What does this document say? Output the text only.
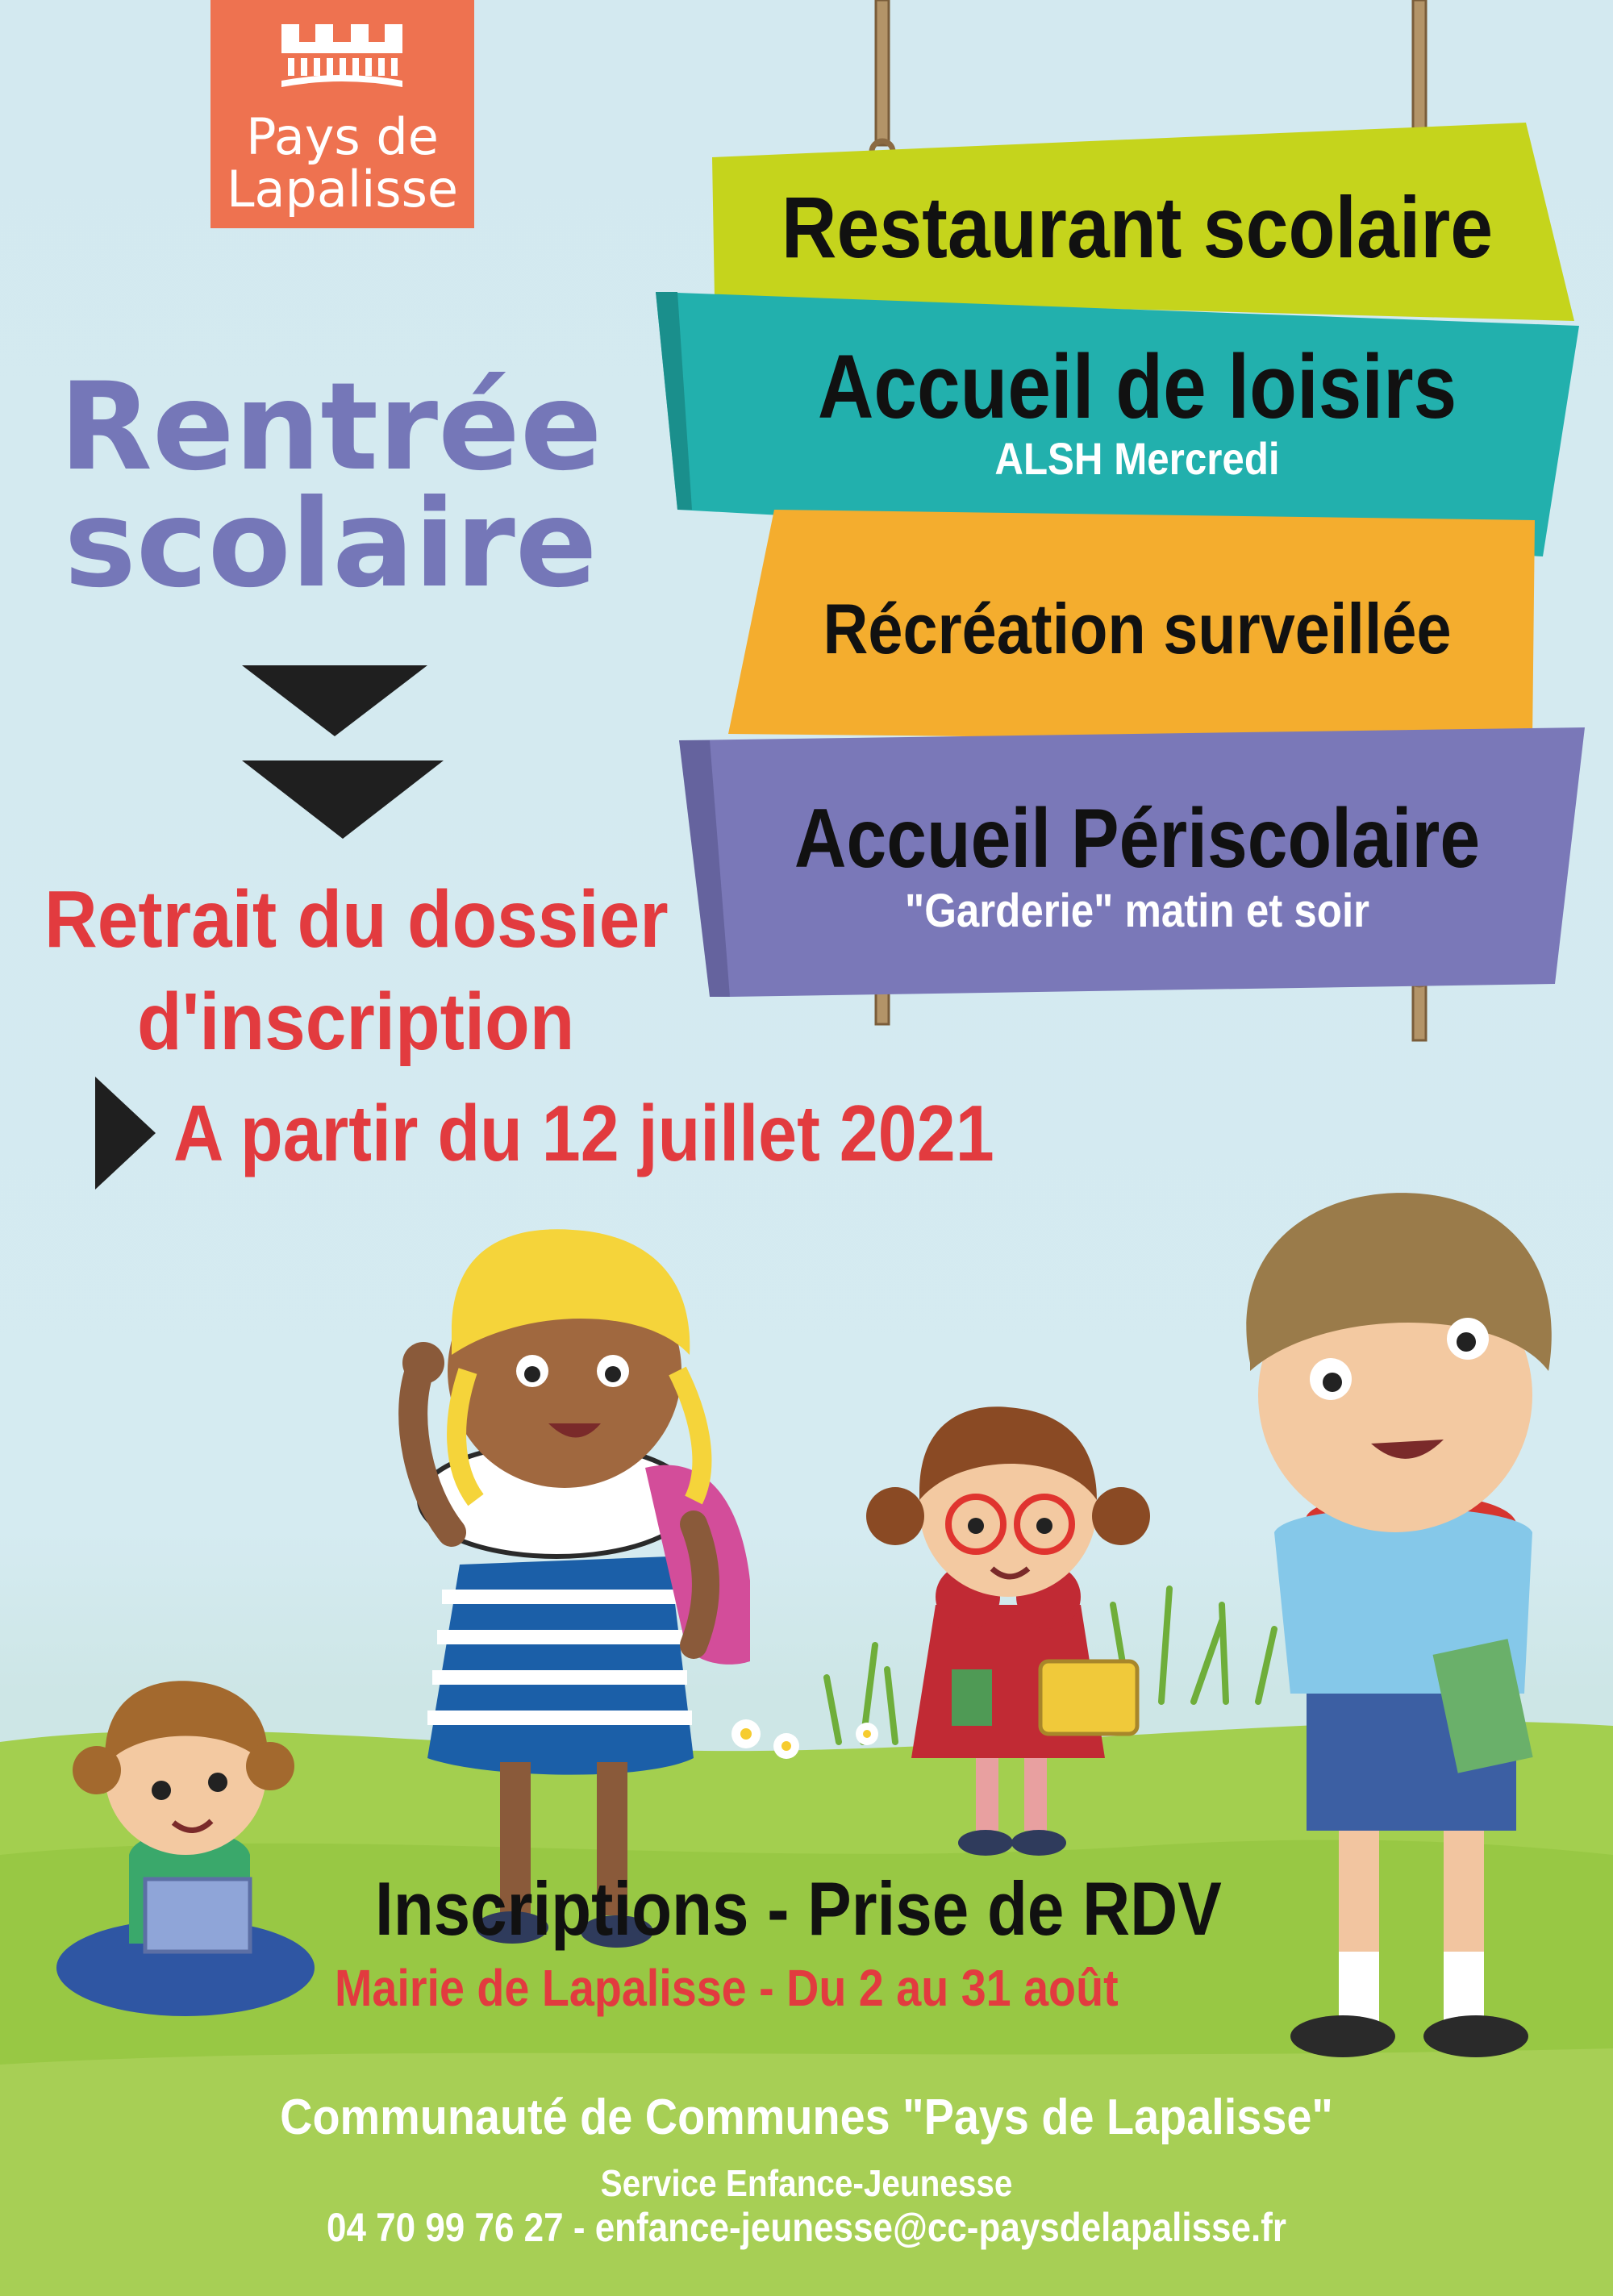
Pays de
Lapalisse
Rentrée
scolaire
Retrait du dossier
d'inscription
A partir du 12 juillet 2021
Restaurant scolaire
Accueil de loisirs
ALSH Mercredi
Récréation surveillée
Accueil Périscolaire
"Garderie" matin et soir
Inscriptions - Prise de RDV
Mairie de Lapalisse - Du 2 au 31 août
Communauté de Communes "Pays de Lapalisse"
Service Enfance-Jeunesse
04 70 99 76 27 - enfance-jeunesse@cc-paysdelapalisse.fr
